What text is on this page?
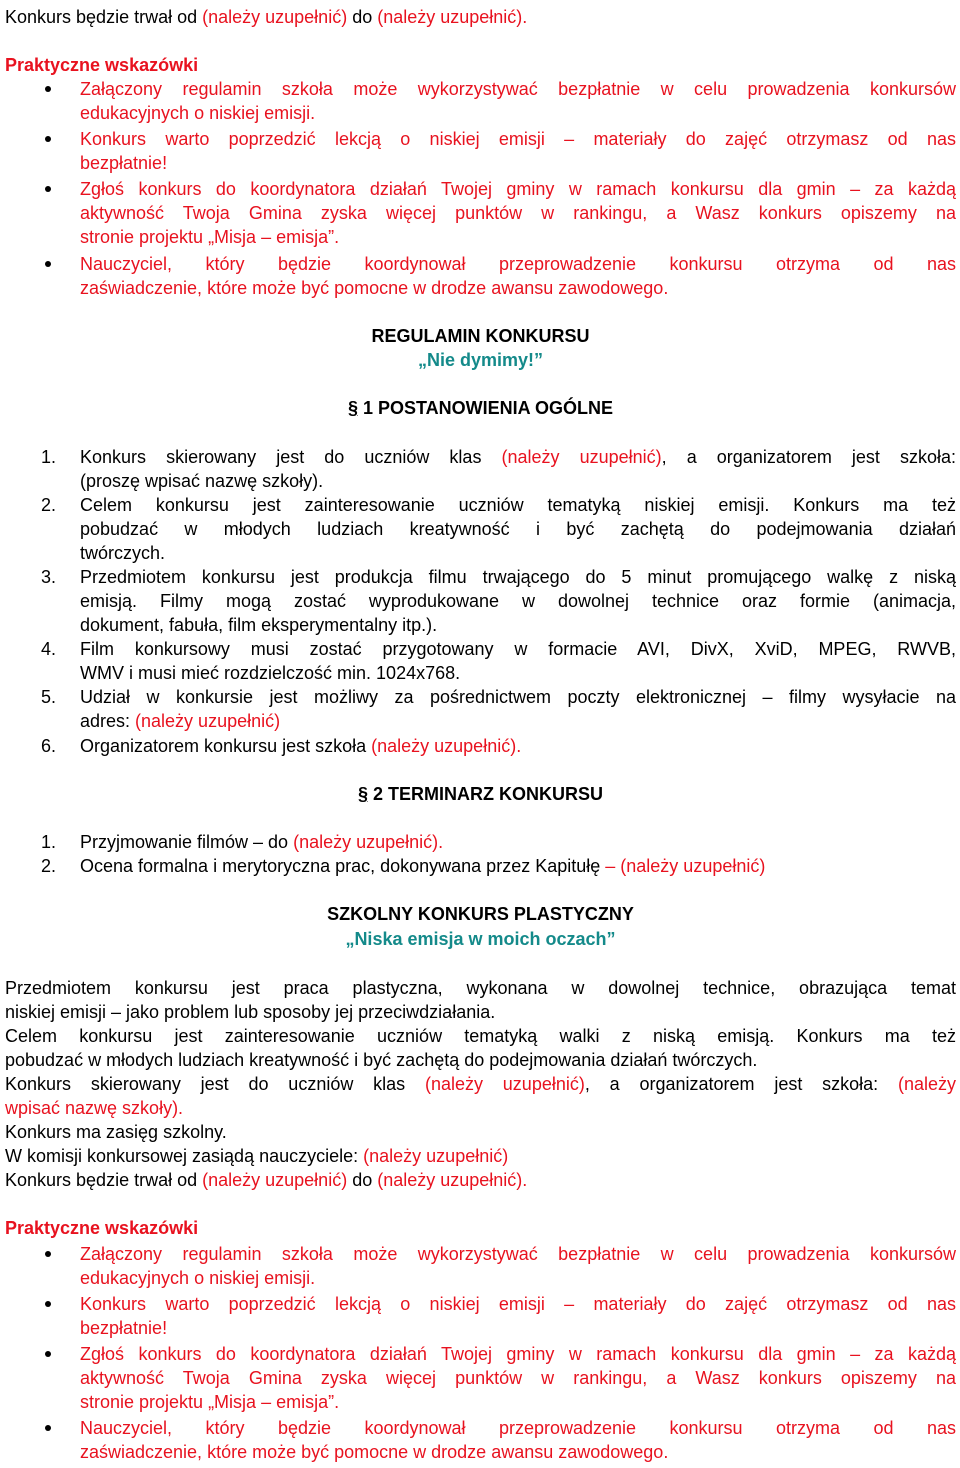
Konkurs będzie trwał od (należy uzupełnić) do (należy uzupełnić).
Praktyczne wskazówki
Załączony regulamin szkoła może wykorzystywać bezpłatnie w celu prowadzenia konkursów
edukacyjnych o niskiej emisji.
Konkurs warto poprzedzić lekcją o niskiej emisji – materiały do zajęć otrzymasz od nas
bezpłatnie!
Zgłoś konkurs do koordynatora działań Twojej gminy w ramach konkursu dla gmin – za każdą
aktywność Twoja Gmina zyska więcej punktów w rankingu, a Wasz konkurs opiszemy na
stronie projektu „Misja – emisja”.
Nauczyciel, który będzie koordynował przeprowadzenie konkursu otrzyma od nas
zaświadczenie, które może być pomocne w drodze awansu zawodowego.
REGULAMIN KONKURSU
„Nie dymimy!”
§ 1 POSTANOWIENIA OGÓLNE
1. Konkurs skierowany jest do uczniów klas (należy uzupełnić), a organizatorem jest szkoła:
(proszę wpisać nazwę szkoły).
2. Celem konkursu jest zainteresowanie uczniów tematyką niskiej emisji. Konkurs ma też
pobudzać w młodych ludziach kreatywność i być zachętą do podejmowania działań
twórczych.
3. Przedmiotem konkursu jest produkcja filmu trwającego do 5 minut promującego walkę z niską
emisją. Filmy mogą zostać wyprodukowane w dowolnej technice oraz formie (animacja,
dokument, fabuła, film eksperymentalny itp.).
4. Film konkursowy musi zostać przygotowany w formacie AVI, DivX, XviD, MPEG, RWVB,
WMV i musi mieć rozdzielczość min. 1024x768.
5. Udział w konkursie jest możliwy za pośrednictwem poczty elektronicznej – filmy wysyłacie na
adres: (należy uzupełnić)
6. Organizatorem konkursu jest szkoła (należy uzupełnić).
§ 2 TERMINARZ KONKURSU
1. Przyjmowanie filmów – do (należy uzupełnić).
2. Ocena formalna i merytoryczna prac, dokonywana przez Kapitułę – (należy uzupełnić)
SZKOLNY KONKURS PLASTYCZNY
„Niska emisja w moich oczach”
Przedmiotem konkursu jest praca plastyczna, wykonana w dowolnej technice, obrazująca temat
niskiej emisji – jako problem lub sposoby jej przeciwdziałania.
Celem konkursu jest zainteresowanie uczniów tematyką walki z niską emisją. Konkurs ma też
pobudzać w młodych ludziach kreatywność i być zachętą do podejmowania działań twórczych.
Konkurs skierowany jest do uczniów klas (należy uzupełnić), a organizatorem jest szkoła: (należy
wpisać nazwę szkoły).
Konkurs ma zasięg szkolny.
W komisji konkursowej zasiądą nauczyciele: (należy uzupełnić)
Konkurs będzie trwał od (należy uzupełnić) do (należy uzupełnić).
Praktyczne wskazówki
Załączony regulamin szkoła może wykorzystywać bezpłatnie w celu prowadzenia konkursów
edukacyjnych o niskiej emisji.
Konkurs warto poprzedzić lekcją o niskiej emisji – materiały do zajęć otrzymasz od nas
bezpłatnie!
Zgłoś konkurs do koordynatora działań Twojej gminy w ramach konkursu dla gmin – za każdą
aktywność Twoja Gmina zyska więcej punktów w rankingu, a Wasz konkurs opiszemy na
stronie projektu „Misja – emisja”.
Nauczyciel, który będzie koordynował przeprowadzenie konkursu otrzyma od nas
zaświadczenie, które może być pomocne w drodze awansu zawodowego.
